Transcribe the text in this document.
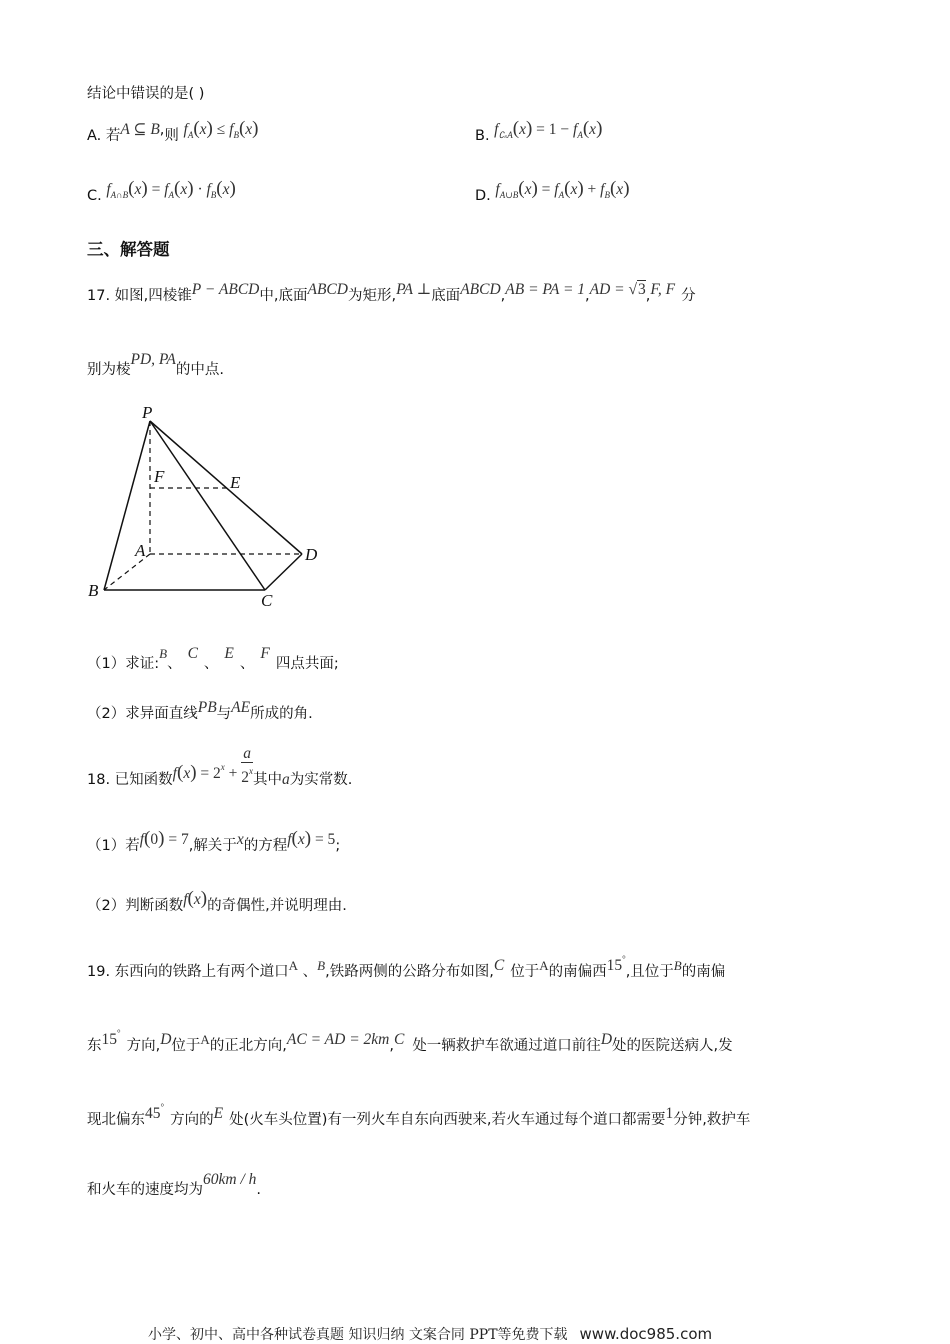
结论中错误的是( )
A. 若A ⊆ B,则 $f_A(x) \le f_B(x)$	B. $f_{∁_sA}(x) = 1 - f_A(x)$
C. $f_{A\cap B}(x) = f_A(x) \cdot f_B(x)$	D. $f_{A\cup B}(x) = f_A(x) + f_B(x)$
三、解答题
17. 如图,四棱锥P − ABCD中,底面ABCD为矩形,PA ⊥底面ABCD,AB = PA = 1,AD = √3,F, F 分
别为棱PD, PA的中点.
P
F	E
A	D
B
C
（1）求证:B、C、E、F四点共面;
（2）求异面直线PB与AE所成的角.
18. 已知函数$f(x) = 2^x + \frac{a}{2^x}$ 其中a为实常数.
（1）若f(0) = 7,解关于x的方程f(x) = 5;
（2）判断函数f(x)的奇偶性,并说明理由.
19. 东西向的铁路上有两个道口A 、B,铁路两侧的公路分布如图,C 位于A的南偏西15°,且位于B的南偏
东15°方向,D位于A的正北方向,AC = AD = 2km,C 处一辆救护车欲通过道口前往D处的医院送病人,发
现北偏东45°方向的E 处(火车头位置)有一列火车自东向西驶来,若火车通过每个道口都需要1分钟,救护车
和火车的速度均为60km / h.
小学、初中、高中各种试卷真题 知识归纳 文案合同 PPT等免费下载 www.doc985.com
